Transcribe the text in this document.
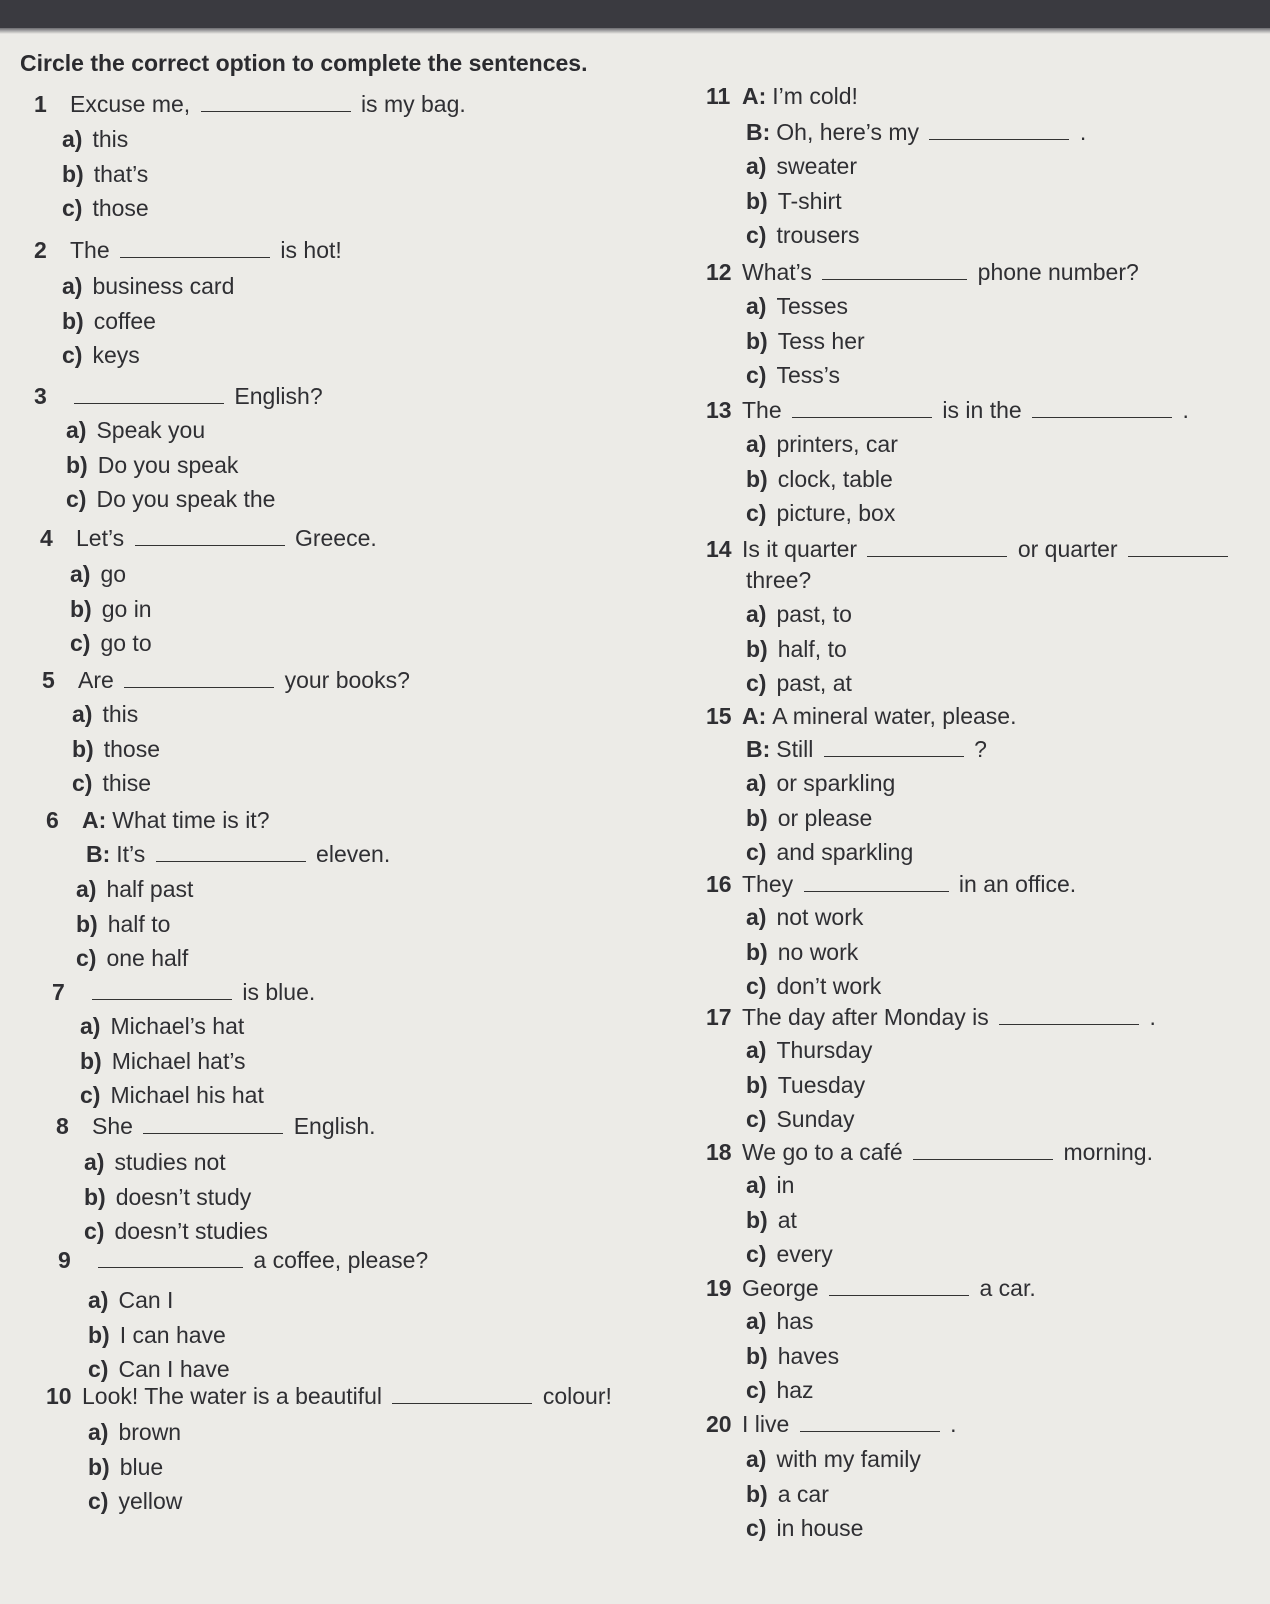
Circle the correct option to complete the sentences.
1 Excuse me,	is my bag.
a) this
b) that’s
c) those
2 The	is hot!
a) business card
b) coffee
c) keys
3	English?
a) Speak you
b) Do you speak
c) Do you speak the
4 Let’s	Greece.
a) go
b) go in
c) go to
5 Are	your books?
a) this
b) those
c) thise
6 A: What time is it?
B: It’s	eleven.
a) half past
b) half to
c) one half
7	is blue.
a) Michael’s hat
b) Michael hat’s
c) Michael his hat
8 She	English.
a) studies not
b) doesn’t study
c) doesn’t studies
9	a coffee, please?
a) Can I
b) I can have
c) Can I have
10 Look! The water is a beautiful	colour!
a) brown
b) blue
c) yellow
11 A: I’m cold!
B: Oh, here’s my	.
a) sweater
b) T-shirt
c) trousers
12 What’s	phone number?
a) Tesses
b) Tess her
c) Tess’s
13 The	is in the	.
a) printers, car
b) clock, table
c) picture, box
14 Is it quarter	or quarter
three?
a) past, to
b) half, to
c) past, at
15 A: A mineral water, please.
B: Still	?
a) or sparkling
b) or please
c) and sparkling
16 They	in an office.
a) not work
b) no work
c) don’t work
17 The day after Monday is	.
a) Thursday
b) Tuesday
c) Sunday
18 We go to a café	morning.
a) in
b) at
c) every
19 George	a car.
a) has
b) haves
c) haz
20 I live	.
a) with my family
b) a car
c) in house
